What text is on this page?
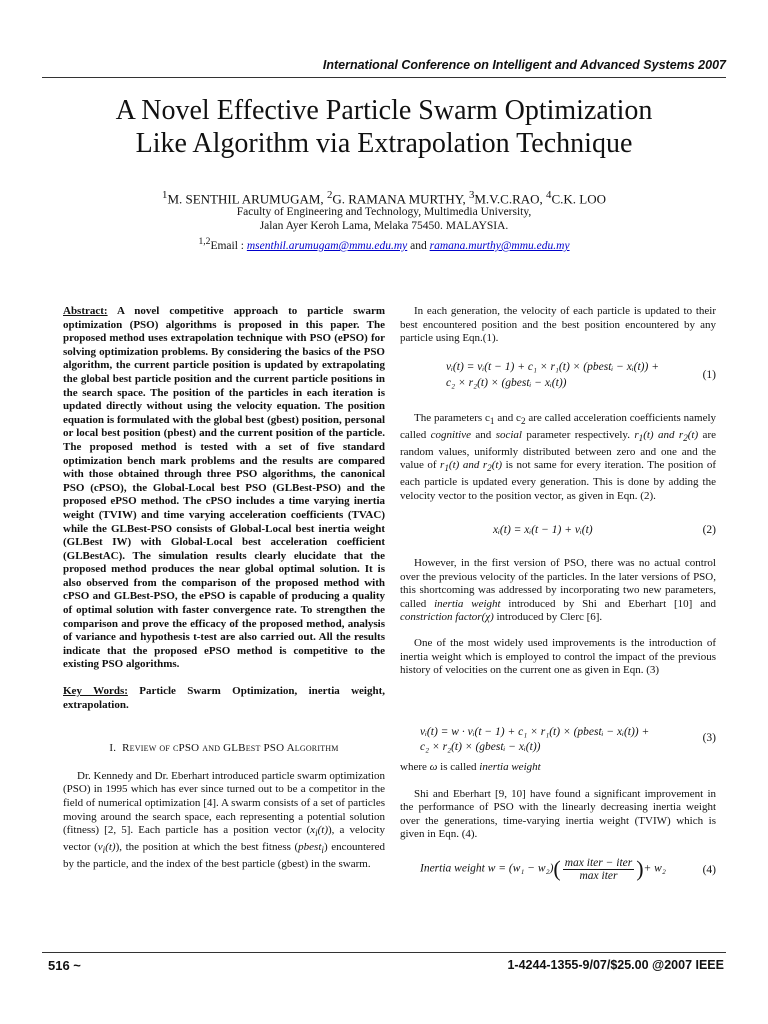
International Conference on Intelligent and Advanced Systems 2007
A Novel Effective Particle Swarm Optimization
Like Algorithm via Extrapolation Technique
$^1$M. SENTHIL ARUMUGAM, $^2$G. RAMANA MURTHY, $^3$M.V.C.RAO, $^4$C.K. LOO
Faculty of Engineering and Technology, Multimedia University,
Jalan Ayer Keroh Lama, Melaka 75450. MALAYSIA.
$^{1,2}$Email : msenthil.arumugam@mmu.edu.my and ramana.murthy@mmu.edu.my

Abstract: A novel competitive approach to particle swarm optimization (PSO) algorithms is proposed in this paper. The proposed method uses extrapolation technique with PSO (ePSO) for solving optimization problems. By considering the basics of the PSO algorithm, the current particle position is updated by extrapolating the global best particle position and the current particle positions in the search space. The position of the particles in each iteration is updated directly without using the velocity equation. The position equation is formulated with the global best (gbest) position, personal or local best position (pbest) and the current position of the particle. The proposed method is tested with a set of five standard optimization bench mark problems and the results are compared with those obtained through three PSO algorithms, the canonical PSO (cPSO), the Global-Local best PSO (GLBest-PSO) and the proposed ePSO method. The cPSO includes a time varying inertia weight (TVIW) and time varying acceleration coefficients (TVAC) while the GLBest-PSO consists of Global-Local best inertia weight (GLBest IW) with Global-Local best acceleration coefficient (GLBestAC). The simulation results clearly elucidate that the proposed method produces the near global optimal solution. It is also observed from the comparison of the proposed method with cPSO and GLBest-PSO, the ePSO is capable of producing a quality of optimal solution with faster convergence rate. To strengthen the comparison and prove the efficacy of the proposed method, analysis of variance and hypothesis t-test are also carried out. All the results indicate that the proposed ePSO method is competitive to the existing PSO algorithms.

Key Words: Particle Swarm Optimization, inertia weight, extrapolation.

I. Review of cPSO and GLBest PSO Algorithm

Dr. Kennedy and Dr. Eberhart introduced particle swarm optimization (PSO) in 1995 which has ever since turned out to be a competitor in the field of numerical optimization [4]. A swarm consists of a set of particles moving around the search space, each representing a potential solution (fitness) [2, 5]. Each particle has a position vector $(x_i(t))$, a velocity vector $(v_i(t))$, the position at which the best fitness (pbest$_i$) encountered by the particle, and the index of the best particle (gbest) in the swarm.

In each generation, the velocity of each particle is updated to their best encountered position and the best position encountered by any particle using Eqn.(1).

vᵢ(t) = vᵢ(t − 1) + c₁ × r₁(t) × (pbestᵢ − xᵢ(t)) +
c₂ × r₂(t) × (gbestᵢ − xᵢ(t))
(1)

The parameters $c_1$ and $c_2$ are called acceleration coefficients namely called cognitive and social parameter respectively. $r_1(t)$ and $r_2(t)$ are random values, uniformly distributed between zero and one and the value of $r_1(t)$ and $r_2(t)$ is not same for every iteration. The position of each particle is updated every generation. This is done by adding the velocity vector to the position vector, as given in Eqn. (2).

xᵢ(t) = xᵢ(t − 1) + vᵢ(t)	(2)

However, in the first version of PSO, there was no actual control over the previous velocity of the particles. In the later versions of PSO, this shortcoming was addressed by incorporating two new parameters, called inertia weight introduced by Shi and Eberhart [10] and constriction factor(χ) introduced by Clerc [6].

One of the most widely used improvements is the introduction of inertia weight which is employed to control the impact of the previous history of velocities on the current one as given in Eqn. (3)

vᵢ(t) = w · vᵢ(t − 1) + c₁ × r₁(t) × (pbestᵢ − xᵢ(t)) +
c₂ × r₂(t) × (gbestᵢ − xᵢ(t))
(3)

where ω is called inertia weight

Shi and Eberhart [9, 10] have found a significant improvement in the performance of PSO with the linearly decreasing inertia weight over the generations, time-varying inertia weight (TVIW) which is given in Eqn. (4).

Inertia weight $w = (w_1 - w_2)( \frac{\text{max iter − iter}}{\text{max iter}}$ )+ w₂	(4)
516 ~	1-4244-1355-9/07/$25.00 @2007 IEEE
